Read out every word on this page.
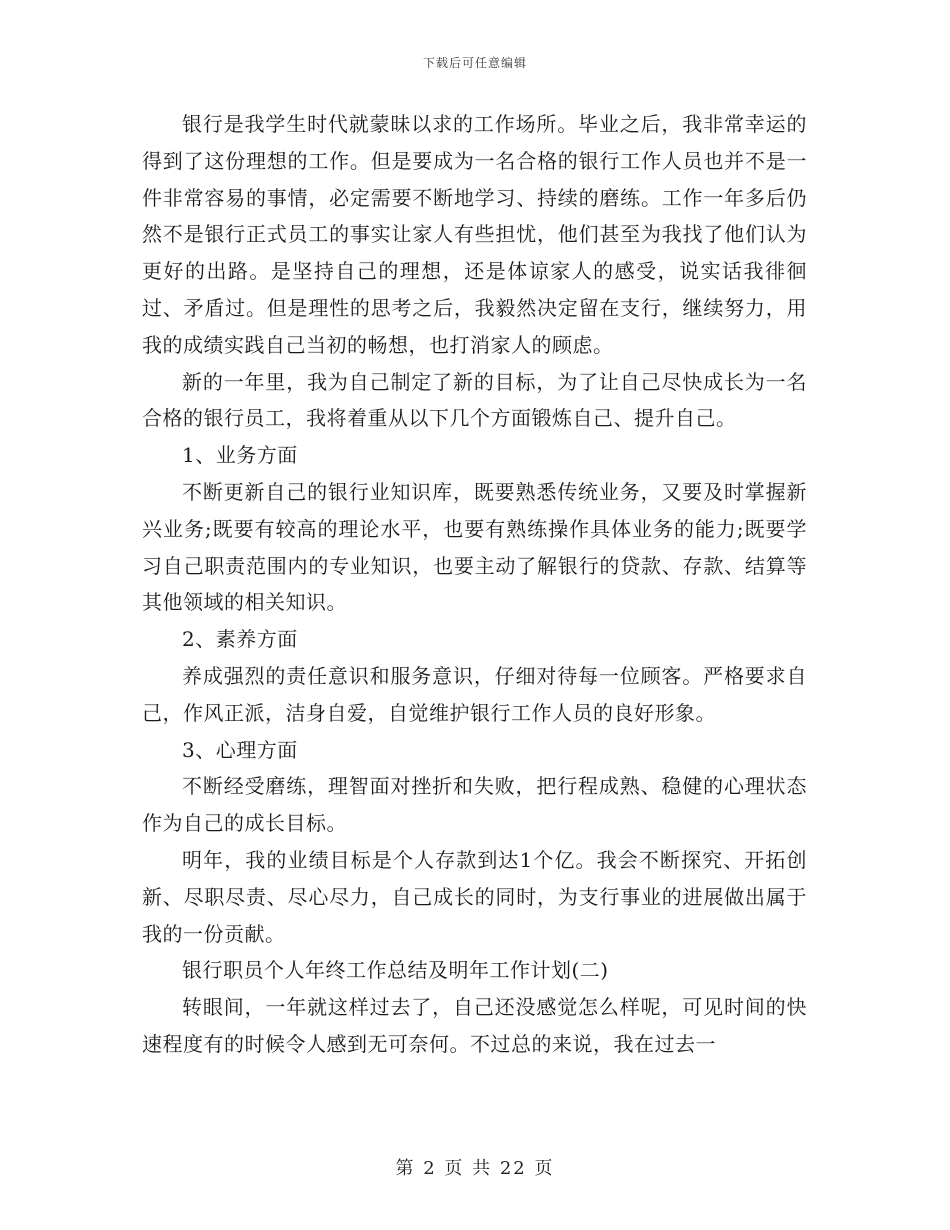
下载后可任意编辑

银行是我学生时代就蒙昧以求的工作场所。毕业之后，我非常幸运的得到了这份理想的工作。但是要成为一名合格的银行工作人员也并不是一件非常容易的事情，必定需要不断地学习、持续的磨练。工作一年多后仍然不是银行正式员工的事实让家人有些担忧，他们甚至为我找了他们认为更好的出路。是坚持自己的理想，还是体谅家人的感受，说实话我徘徊过、矛盾过。但是理性的思考之后，我毅然决定留在支行，继续努力，用我的成绩实践自己当初的畅想，也打消家人的顾虑。

新的一年里，我为自己制定了新的目标，为了让自己尽快成长为一名合格的银行员工，我将着重从以下几个方面锻炼自己、提升自己。

1、业务方面

不断更新自己的银行业知识库，既要熟悉传统业务，又要及时掌握新兴业务;既要有较高的理论水平，也要有熟练操作具体业务的能力;既要学习自己职责范围内的专业知识，也要主动了解银行的贷款、存款、结算等其他领域的相关知识。

2、素养方面

养成强烈的责任意识和服务意识，仔细对待每一位顾客。严格要求自己，作风正派，洁身自爱，自觉维护银行工作人员的良好形象。

3、心理方面

不断经受磨练，理智面对挫折和失败，把行程成熟、稳健的心理状态作为自己的成长目标。

明年，我的业绩目标是个人存款到达1个亿。我会不断探究、开拓创新、尽职尽责、尽心尽力，自己成长的同时，为支行事业的进展做出属于我的一份贡献。

银行职员个人年终工作总结及明年工作计划(二)

转眼间，一年就这样过去了，自己还没感觉怎么样呢，可见时间的快速程度有的时候令人感到无可奈何。不过总的来说，我在过去一

第 2 页 共 22 页
